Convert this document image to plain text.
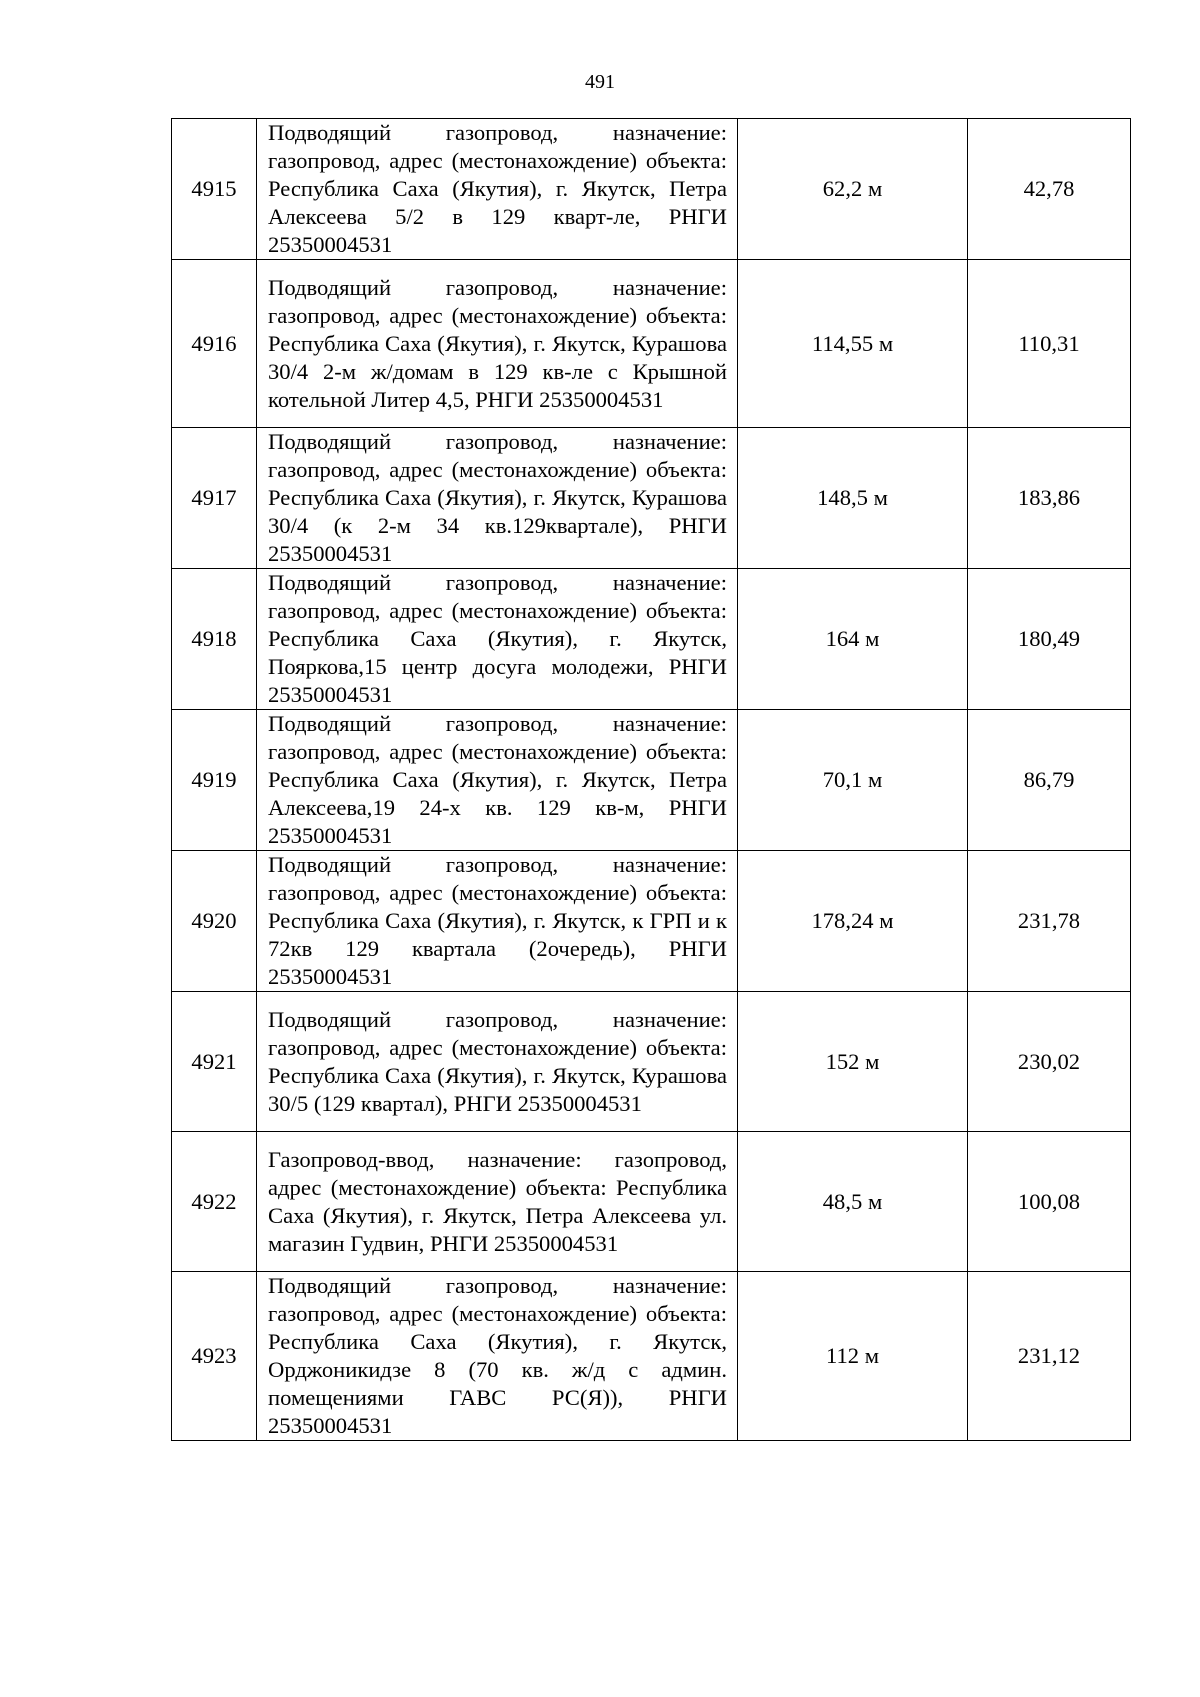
491
4915	Подводящий газопровод, назначение: газопровод, адрес (местонахождение) объекта: Республика Саха (Якутия), г. Якутск, Петра Алексеева 5/2 в 129 кварт-ле, РНГИ 25350004531	62,2 м	42,78
4916	Подводящий газопровод, назначение: газопровод, адрес (местонахождение) объекта: Республика Саха (Якутия), г. Якутск, Курашова 30/4 2-м ж/домам в 129 кв-ле с Крышной котельной Литер 4,5, РНГИ 25350004531	114,55 м	110,31
4917	Подводящий газопровод, назначение: газопровод, адрес (местонахождение) объекта: Республика Саха (Якутия), г. Якутск, Курашова 30/4 (к 2-м 34 кв.129квартале), РНГИ 25350004531	148,5 м	183,86
4918	Подводящий газопровод, назначение: газопровод, адрес (местонахождение) объекта: Республика Саха (Якутия), г. Якутск, Пояркова,15 центр досуга молодежи, РНГИ 25350004531	164 м	180,49
4919	Подводящий газопровод, назначение: газопровод, адрес (местонахождение) объекта: Республика Саха (Якутия), г. Якутск, Петра Алексеева,19 24-х кв. 129 кв-м, РНГИ 25350004531	70,1 м	86,79
4920	Подводящий газопровод, назначение: газопровод, адрес (местонахождение) объекта: Республика Саха (Якутия), г. Якутск, к ГРП и к 72кв 129 квартала (2очередь), РНГИ 25350004531	178,24 м	231,78
4921	Подводящий газопровод, назначение: газопровод, адрес (местонахождение) объекта: Республика Саха (Якутия), г. Якутск, Курашова 30/5 (129 квартал), РНГИ 25350004531	152 м	230,02
4922	Газопровод-ввод, назначение: газопровод, адрес (местонахождение) объекта: Республика Саха (Якутия), г. Якутск, Петра Алексеева ул. магазин Гудвин, РНГИ 25350004531	48,5 м	100,08
4923	Подводящий газопровод, назначение: газопровод, адрес (местонахождение) объекта: Республика Саха (Якутия), г. Якутск, Орджоникидзе 8 (70 кв. ж/д с админ. помещениями ГАВС РС(Я)), РНГИ 25350004531	112 м	231,12
